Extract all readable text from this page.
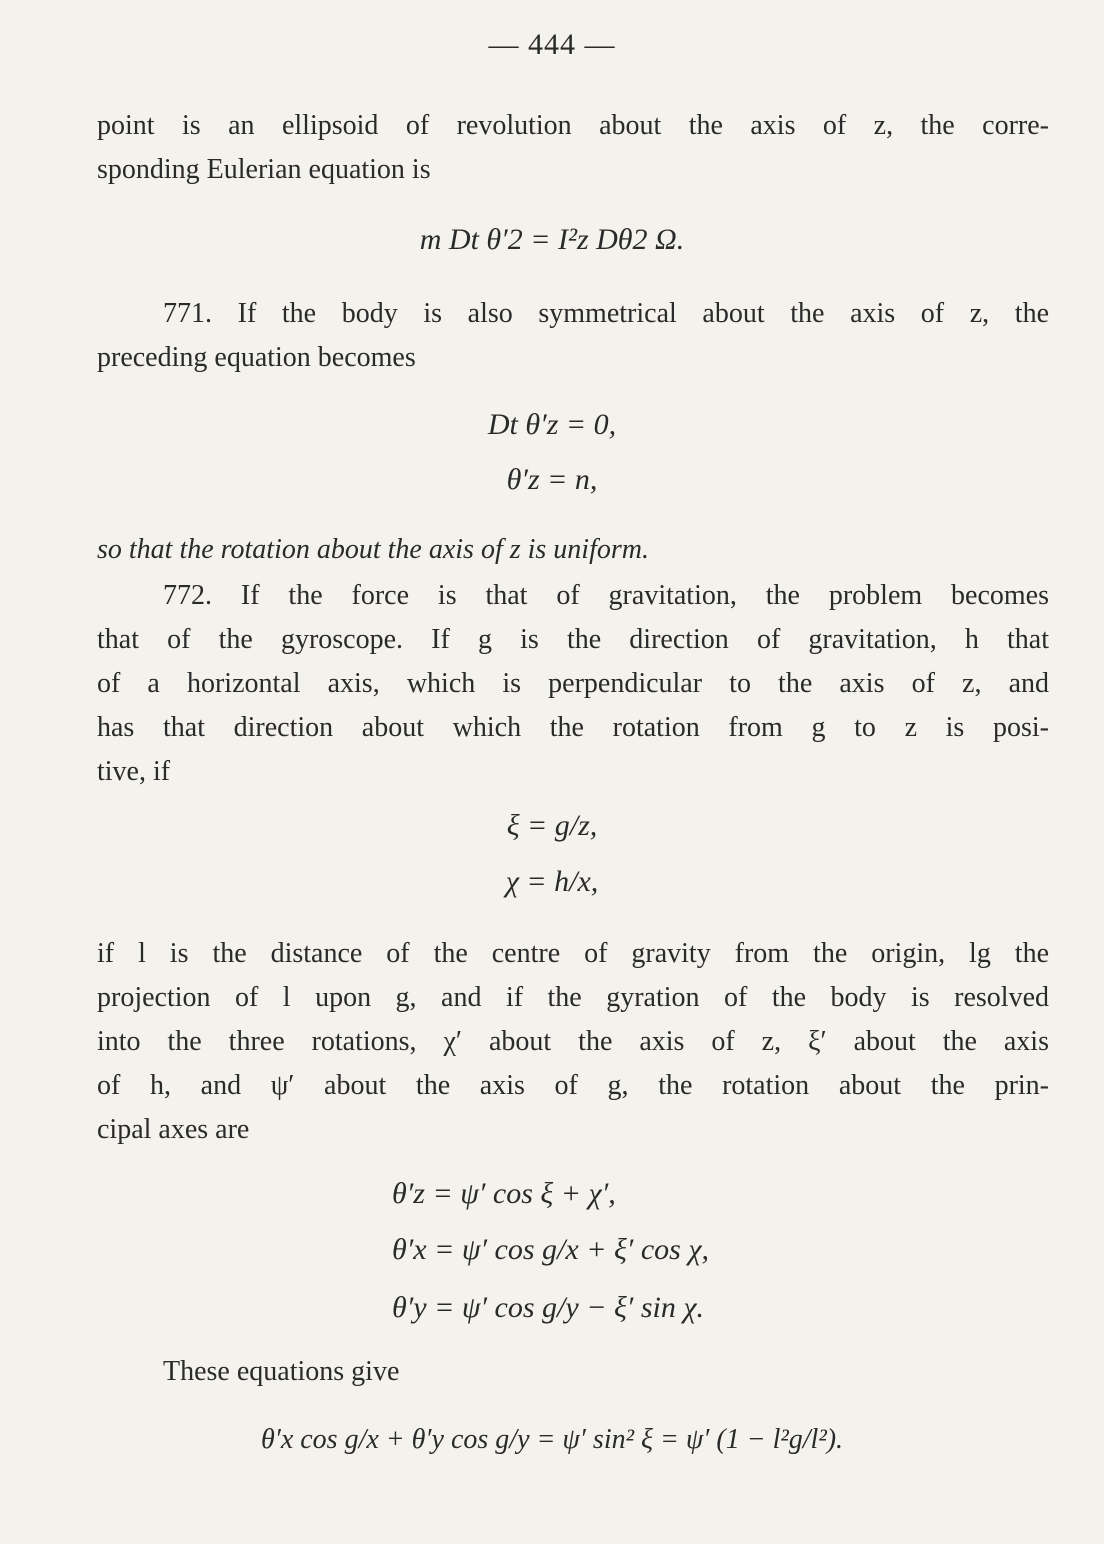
— 444 —
point is an ellipsoid of revolution about the axis of z, the corre-
sponding Eulerian equation is
m Dt θ′2 = I²z Dθ2 Ω.
771. If the body is also symmetrical about the axis of z, the
preceding equation becomes
Dt θ′z = 0,
θ′z = n,
so that the rotation about the axis of z is uniform.
772. If the force is that of gravitation, the problem becomes
that of the gyroscope. If g is the direction of gravitation, h that
of a horizontal axis, which is perpendicular to the axis of z, and
has that direction about which the rotation from g to z is posi-
tive, if
ξ = g/z,
χ = h/x,
if l is the distance of the centre of gravity from the origin, lg the
projection of l upon g, and if the gyration of the body is resolved
into the three rotations, χ′ about the axis of z, ξ′ about the axis
of h, and ψ′ about the axis of g, the rotation about the prin-
cipal axes are
θ′z = ψ′ cos ξ + χ′,
θ′x = ψ′ cos g/x + ξ′ cos χ,
θ′y = ψ′ cos g/y − ξ′ sin χ.
These equations give
θ′x cos g/x + θ′y cos g/y = ψ′ sin² ξ = ψ′ (1 − l²g/l²).
